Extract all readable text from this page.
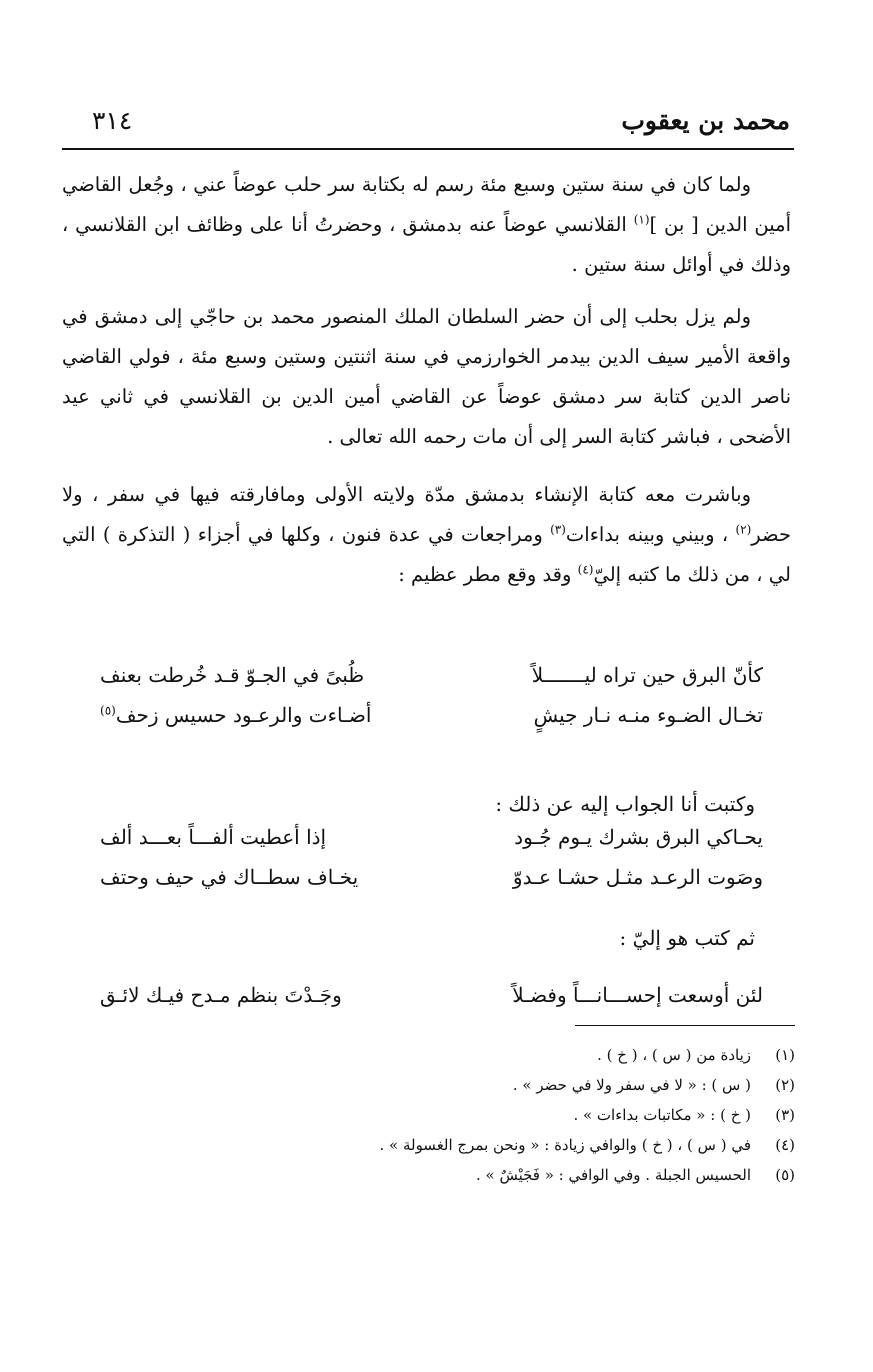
محمد بن يعقوب
٣١٤

ولما كان في سنة ستين وسبع مئة رسم له بكتابة سر حلب عوضاً عني ، وجُعل القاضي أمين الدين [ بن ]$^{(١)}$ القلانسي عوضاً عنه بدمشق ، وحضرتُ أنا على وظائف ابن القلانسي ، وذلك في أوائل سنة ستين .

ولم يزل بحلب إلى أن حضر السلطان الملك المنصور محمد بن حاجّي إلى دمشق في واقعة الأمير سيف الدين بيدمر الخوارزمي في سنة اثنتين وستين وسبع مئة ، فولي القاضي ناصر الدين كتابة سر دمشق عوضاً عن القاضي أمين الدين بن القلانسي في ثاني عيد الأضحى ، فباشر كتابة السر إلى أن مات رحمه الله تعالى .

وباشرت معه كتابة الإنشاء بدمشق مدّة ولايته الأولى ومافارقته فيها في سفر ، ولا حضر$^{(٢)}$ ، وبيني وبينه بداءات$^{(٣)}$ ومراجعات في عدة فنون ، وكلها في أجزاء ( التذكرة ) التي لي ، من ذلك ما كتبه إليّ$^{(٤)}$ وقد وقع مطر عظيم :

كأنّ البرق حين تراه ليـــــــلاً
ظُبىً في الجـوّ قـد خُرطت بعنف
تخـال الضـوء منـه نـار جيشٍ
أضـاءت والرعـود حسيس زحف$^{(٥)}$
وكتبت أنا الجواب إليه عن ذلك :
يحـاكي البرق بشرك يـوم جُـود
إذا أعطيت ألفـــاً بعـــد ألف
وصَوت الرعـد مثـل حشـا عـدوّ
يخـاف سطــاك في حيف وحتف
ثم كتب هو إليّ :
لئن أوسعت إحســـانـــاً وفضـلاً
وجَـدْتَ بنظم مـدح فيـك لائـق
(١)
زيادة من ( س ) ، ( خ ) .
(٢)
( س ) : « لا في سفر ولا في حضر » .
(٣)
( خ ) : « مكاتبات بداءات » .
(٤)
في ( س ) ، ( خ ) والوافي زيادة : « ونحن بمرج الغسولة » .
(٥)
الحسيس الجبلة . وفي الوافي : « فَجَيْشٌ » .
